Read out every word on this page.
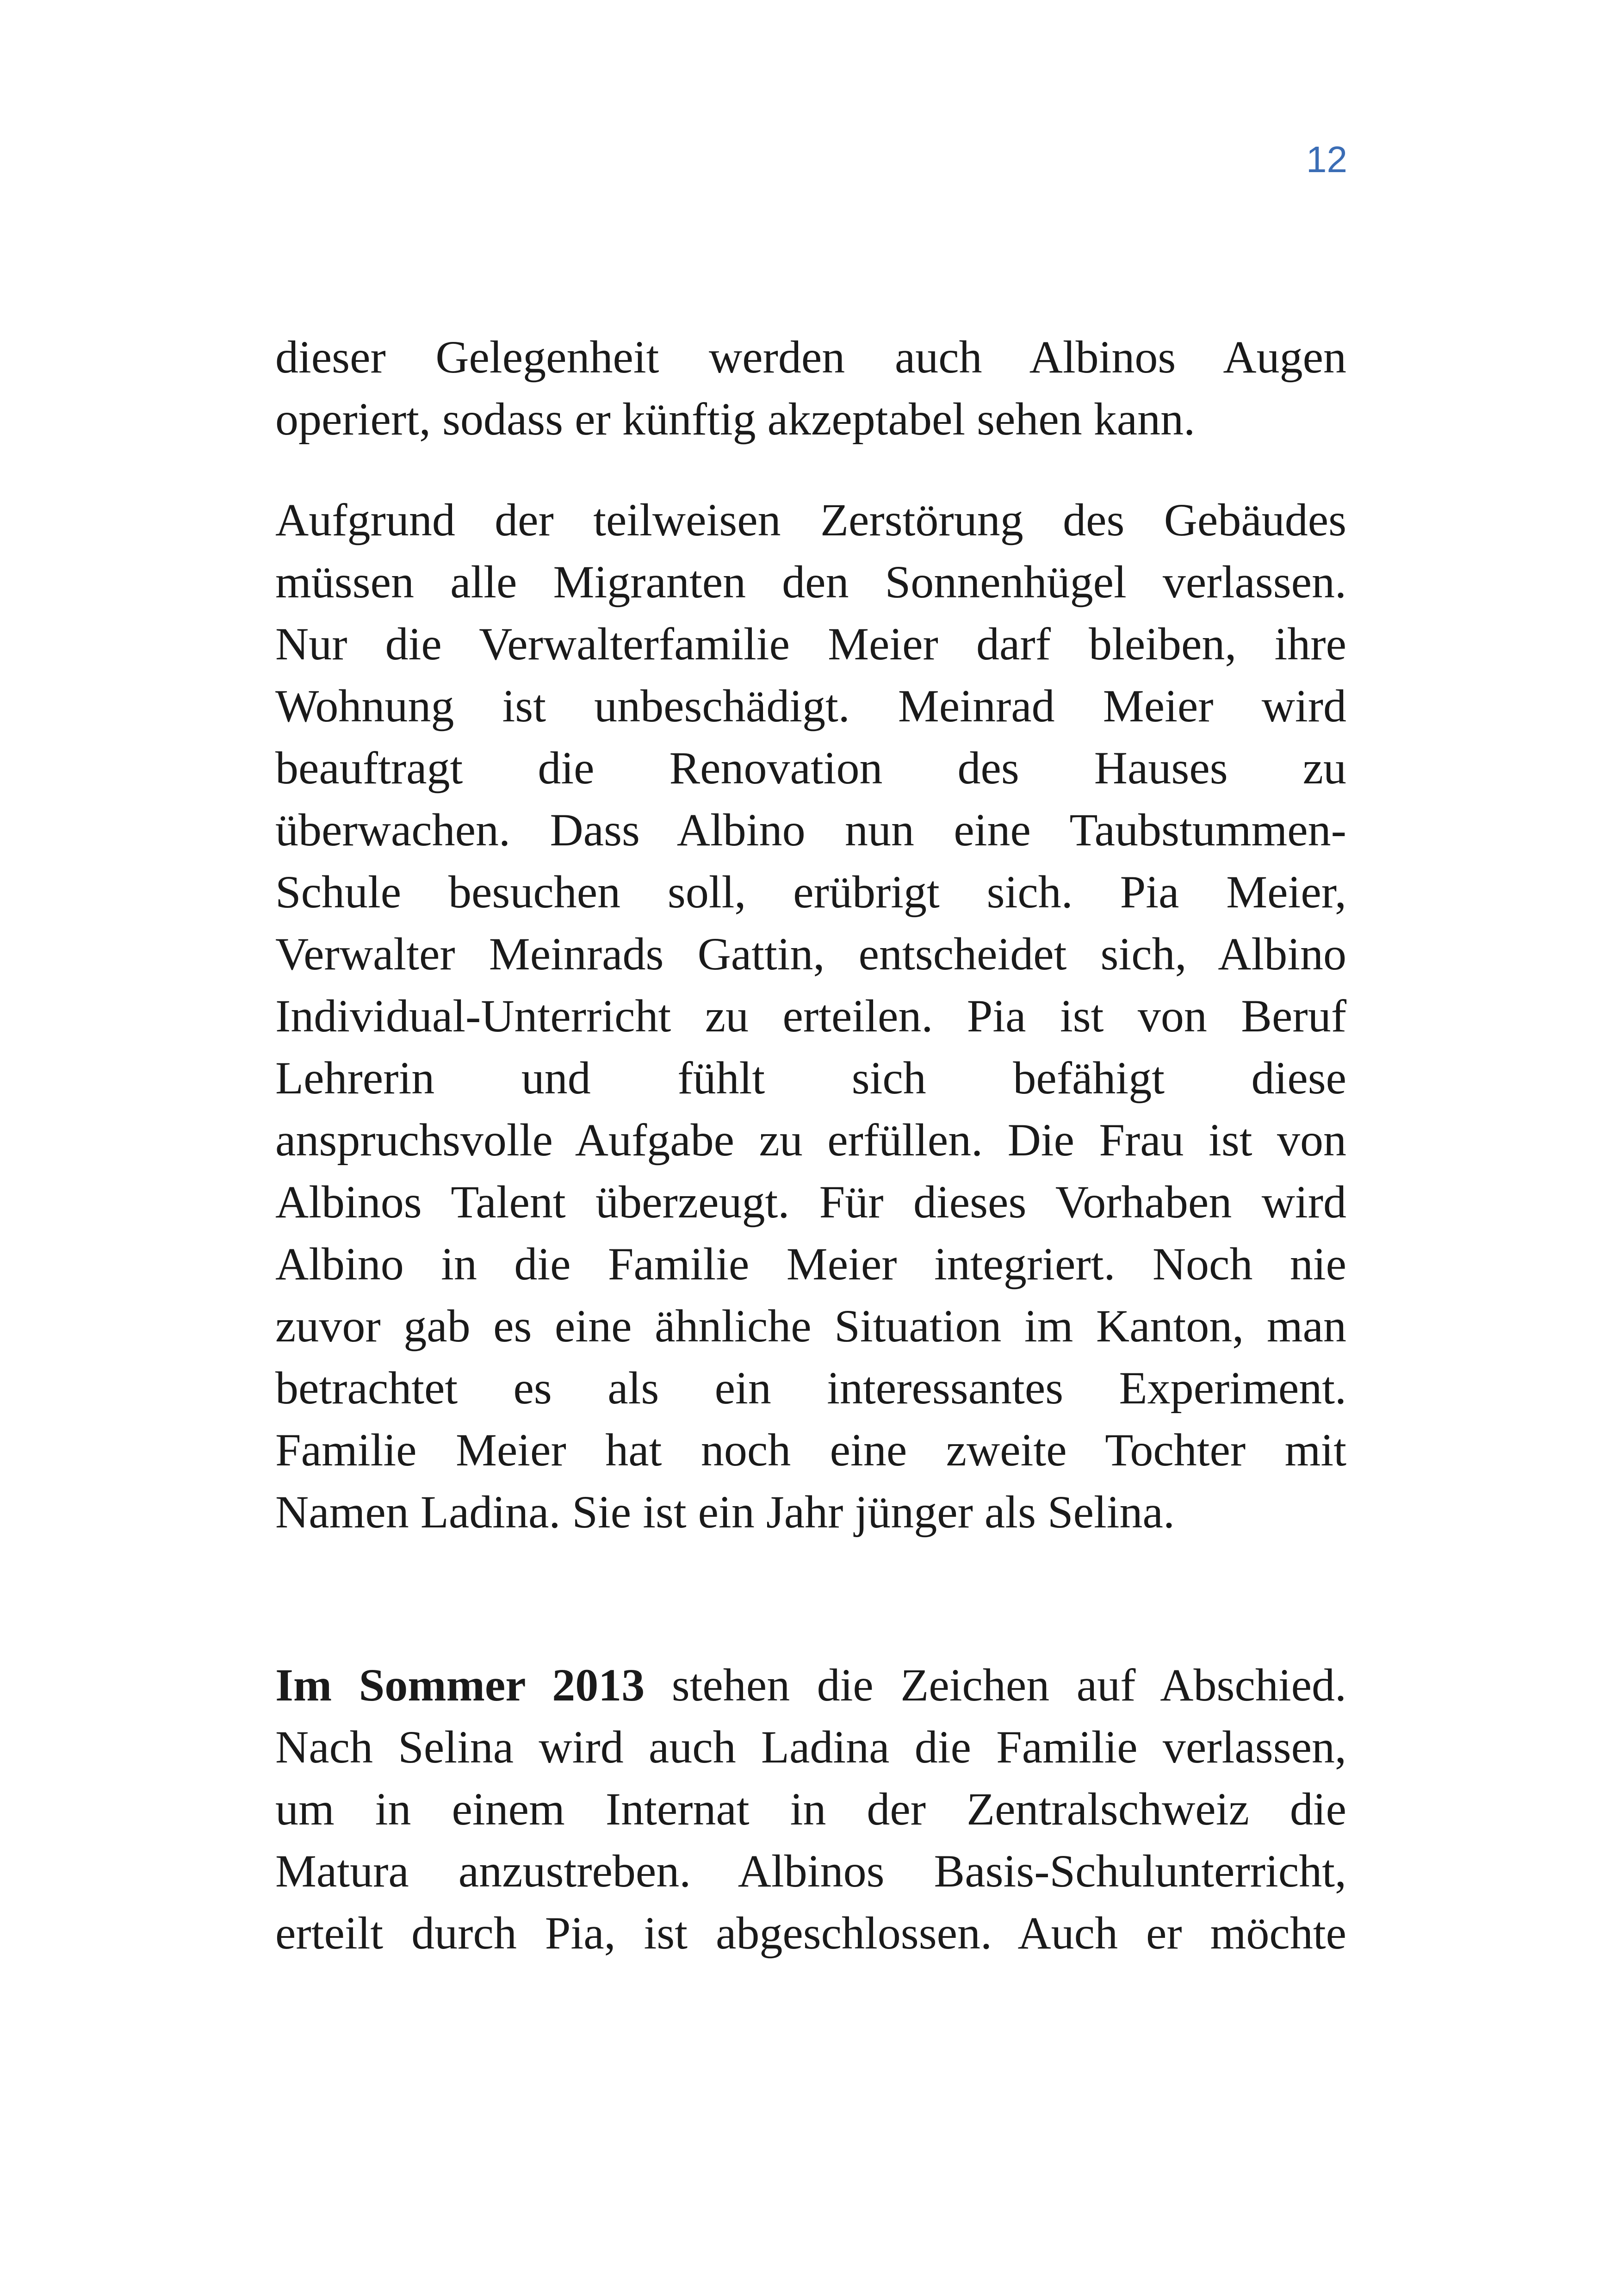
12
dieser Gelegenheit werden auch Albinos Augen
operiert, sodass er künftig akzeptabel sehen kann.
Aufgrund der teilweisen Zerstörung des Gebäudes
müssen alle Migranten den Sonnenhügel verlassen.
Nur die Verwalterfamilie Meier darf bleiben, ihre
Wohnung ist unbeschädigt. Meinrad Meier wird
beauftragt die Renovation des Hauses zu
überwachen. Dass Albino nun eine Taubstummen-
Schule besuchen soll, erübrigt sich. Pia Meier,
Verwalter Meinrads Gattin, entscheidet sich, Albino
Individual-Unterricht zu erteilen. Pia ist von Beruf
Lehrerin und fühlt sich befähigt diese
anspruchsvolle Aufgabe zu erfüllen. Die Frau ist von
Albinos Talent überzeugt. Für dieses Vorhaben wird
Albino in die Familie Meier integriert. Noch nie
zuvor gab es eine ähnliche Situation im Kanton, man
betrachtet es als ein interessantes Experiment.
Familie Meier hat noch eine zweite Tochter mit
Namen Ladina. Sie ist ein Jahr jünger als Selina.
Im Sommer 2013 stehen die Zeichen auf Abschied.
Nach Selina wird auch Ladina die Familie verlassen,
um in einem Internat in der Zentralschweiz die
Matura anzustreben. Albinos Basis-Schulunterricht,
erteilt durch Pia, ist abgeschlossen. Auch er möchte
